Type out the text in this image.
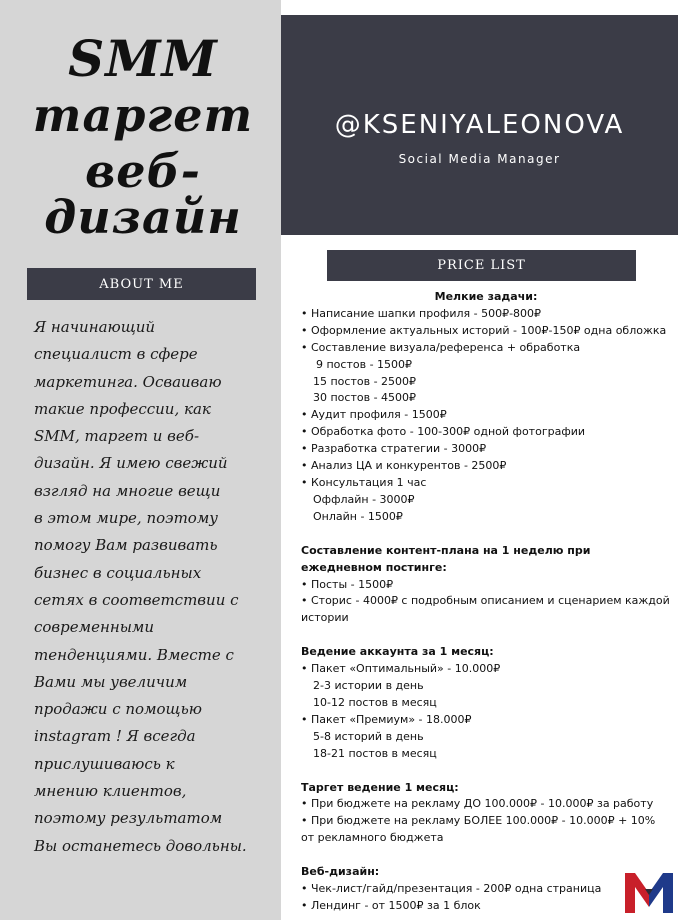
SMM
таргет
веб-дизайн
ABOUT ME
Я начинающий
специалист в сфере
маркетинга. Осваиваю
такие профессии, как
SMM, таргет и веб-
дизайн. Я имею свежий
взгляд на многие вещи
в этом мире, поэтому
помогу Вам развивать
бизнес в социальных
сетях в соответствии с
современными
тенденциями. Вместе с
Вами мы увеличим
продажи с помощью
instagram ! Я всегда
прислушиваюсь к
мнению клиентов,
поэтому результатом
Вы останетесь довольны.
@KSENIYALEONOVA
Social Media Manager
PRICE LIST
Мелкие задачи:
• Написание шапки профиля - 500₽-800₽
• Оформление актуальных историй - 100₽-150₽ одна обложка
• Составление визуала/референса + обработка
9 постов - 1500₽
15 постов - 2500₽
30 постов - 4500₽
• Аудит профиля - 1500₽
• Обработка фото - 100-300₽ одной фотографии
• Разработка стратегии - 3000₽
• Анализ ЦА и конкурентов - 2500₽
• Консультация 1 час
Оффлайн - 3000₽
Онлайн - 1500₽
Составление контент-плана на 1 неделю при ежедневном постинге:
• Посты - 1500₽
• Сторис - 4000₽ с подробным описанием и сценарием каждой истории
Ведение аккаунта за 1 месяц:
• Пакет «Оптимальный» - 10.000₽
2-3 истории в день
10-12 постов в месяц
• Пакет «Премиум» - 18.000₽
5-8 историй в день
18-21 постов в месяц
Таргет ведение 1 месяц:
• При бюджете на рекламу ДО 100.000₽ - 10.000₽ за работу
• При бюджете на рекламу БОЛЕЕ 100.000₽ - 10.000₽ + 10% от рекламного бюджета
Веб-дизайн:
• Чек-лист/гайд/презентация - 200₽ одна страница
• Лендинг - от 1500₽ за 1 блок
